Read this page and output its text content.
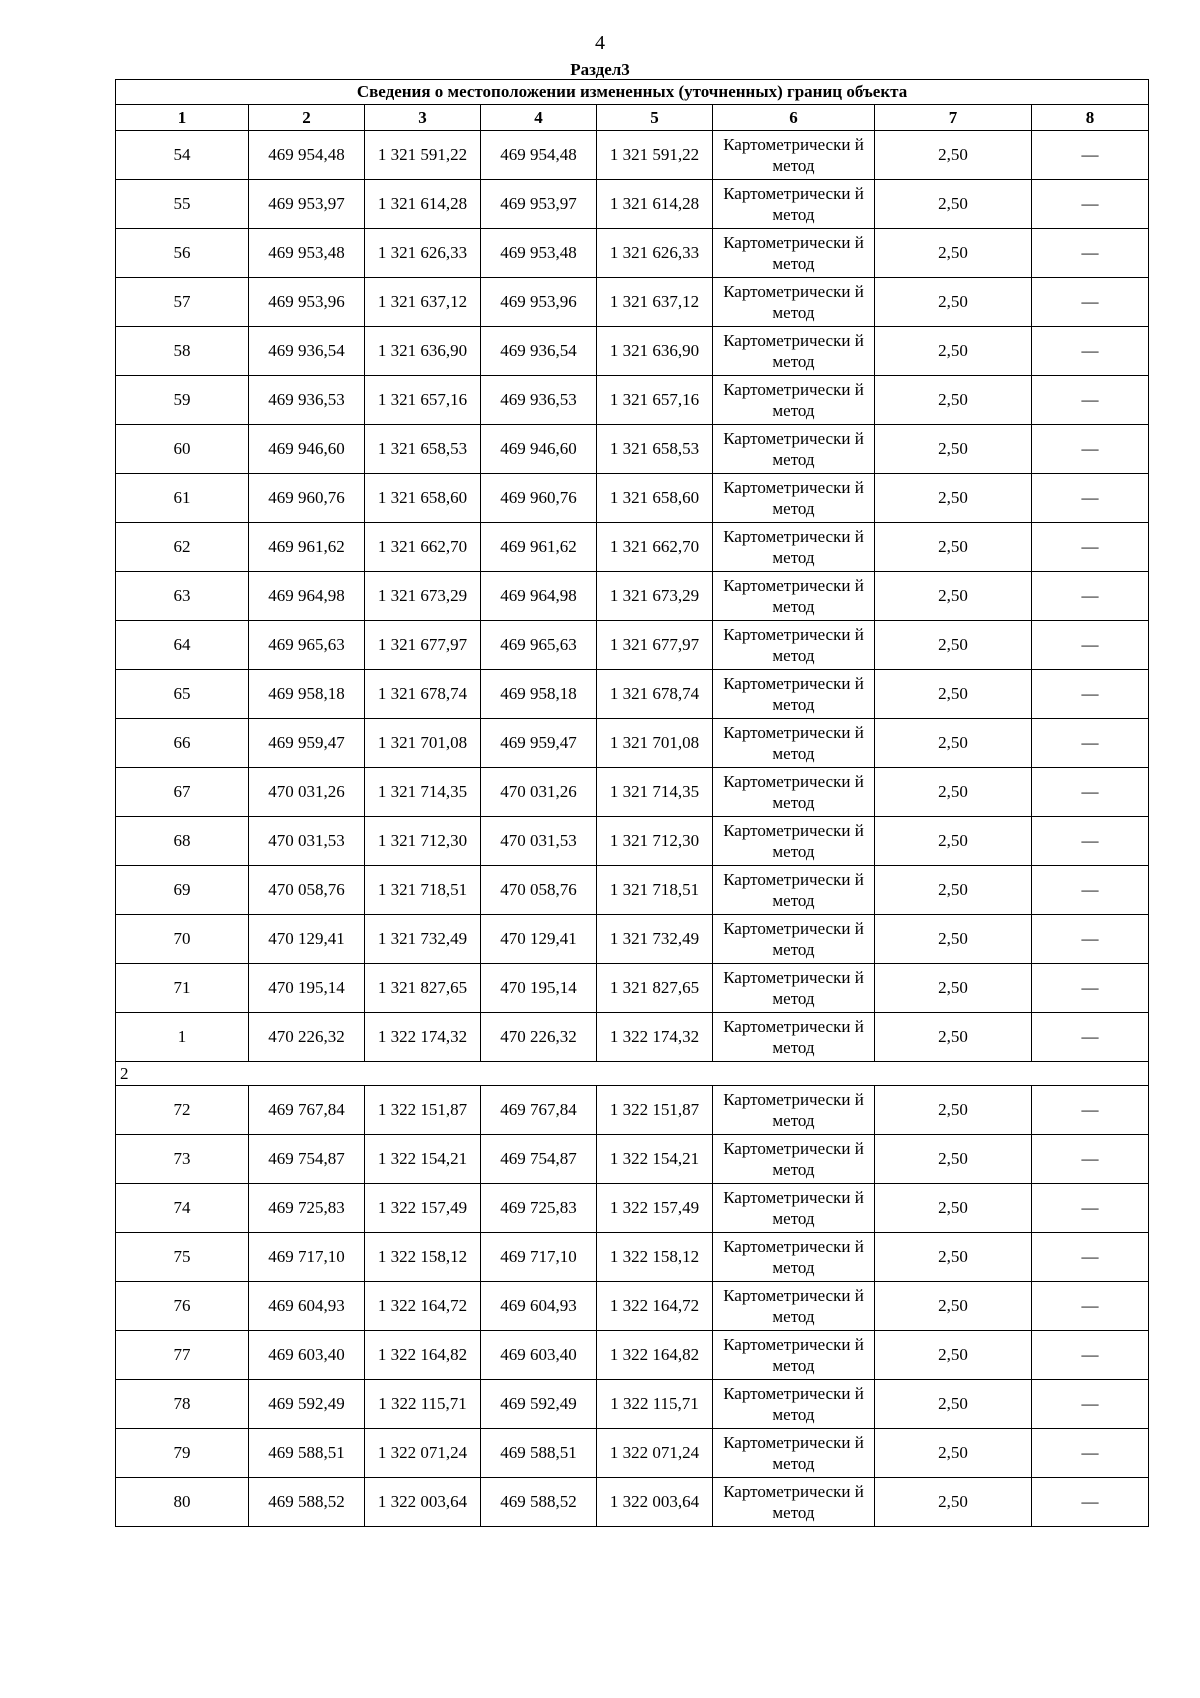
4
Раздел3
Сведения о местоположении измененных (уточненных) границ объекта							
1	2	3	4	5	6	7	8
54	469 954,48	1 321 591,22	469 954,48	1 321 591,22	Картометрически й метод	2,50	—
55	469 953,97	1 321 614,28	469 953,97	1 321 614,28	Картометрически й метод	2,50	—
56	469 953,48	1 321 626,33	469 953,48	1 321 626,33	Картометрически й метод	2,50	—
57	469 953,96	1 321 637,12	469 953,96	1 321 637,12	Картометрически й метод	2,50	—
58	469 936,54	1 321 636,90	469 936,54	1 321 636,90	Картометрически й метод	2,50	—
59	469 936,53	1 321 657,16	469 936,53	1 321 657,16	Картометрически й метод	2,50	—
60	469 946,60	1 321 658,53	469 946,60	1 321 658,53	Картометрически й метод	2,50	—
61	469 960,76	1 321 658,60	469 960,76	1 321 658,60	Картометрически й метод	2,50	—
62	469 961,62	1 321 662,70	469 961,62	1 321 662,70	Картометрически й метод	2,50	—
63	469 964,98	1 321 673,29	469 964,98	1 321 673,29	Картометрически й метод	2,50	—
64	469 965,63	1 321 677,97	469 965,63	1 321 677,97	Картометрически й метод	2,50	—
65	469 958,18	1 321 678,74	469 958,18	1 321 678,74	Картометрически й метод	2,50	—
66	469 959,47	1 321 701,08	469 959,47	1 321 701,08	Картометрически й метод	2,50	—
67	470 031,26	1 321 714,35	470 031,26	1 321 714,35	Картометрически й метод	2,50	—
68	470 031,53	1 321 712,30	470 031,53	1 321 712,30	Картометрически й метод	2,50	—
69	470 058,76	1 321 718,51	470 058,76	1 321 718,51	Картометрически й метод	2,50	—
70	470 129,41	1 321 732,49	470 129,41	1 321 732,49	Картометрически й метод	2,50	—
71	470 195,14	1 321 827,65	470 195,14	1 321 827,65	Картометрически й метод	2,50	—
1	470 226,32	1 322 174,32	470 226,32	1 322 174,32	Картометрически й метод	2,50	—
2							
72	469 767,84	1 322 151,87	469 767,84	1 322 151,87	Картометрически й метод	2,50	—
73	469 754,87	1 322 154,21	469 754,87	1 322 154,21	Картометрически й метод	2,50	—
74	469 725,83	1 322 157,49	469 725,83	1 322 157,49	Картометрически й метод	2,50	—
75	469 717,10	1 322 158,12	469 717,10	1 322 158,12	Картометрически й метод	2,50	—
76	469 604,93	1 322 164,72	469 604,93	1 322 164,72	Картометрически й метод	2,50	—
77	469 603,40	1 322 164,82	469 603,40	1 322 164,82	Картометрически й метод	2,50	—
78	469 592,49	1 322 115,71	469 592,49	1 322 115,71	Картометрически й метод	2,50	—
79	469 588,51	1 322 071,24	469 588,51	1 322 071,24	Картометрически й метод	2,50	—
80	469 588,52	1 322 003,64	469 588,52	1 322 003,64	Картометрически й метод	2,50	—
